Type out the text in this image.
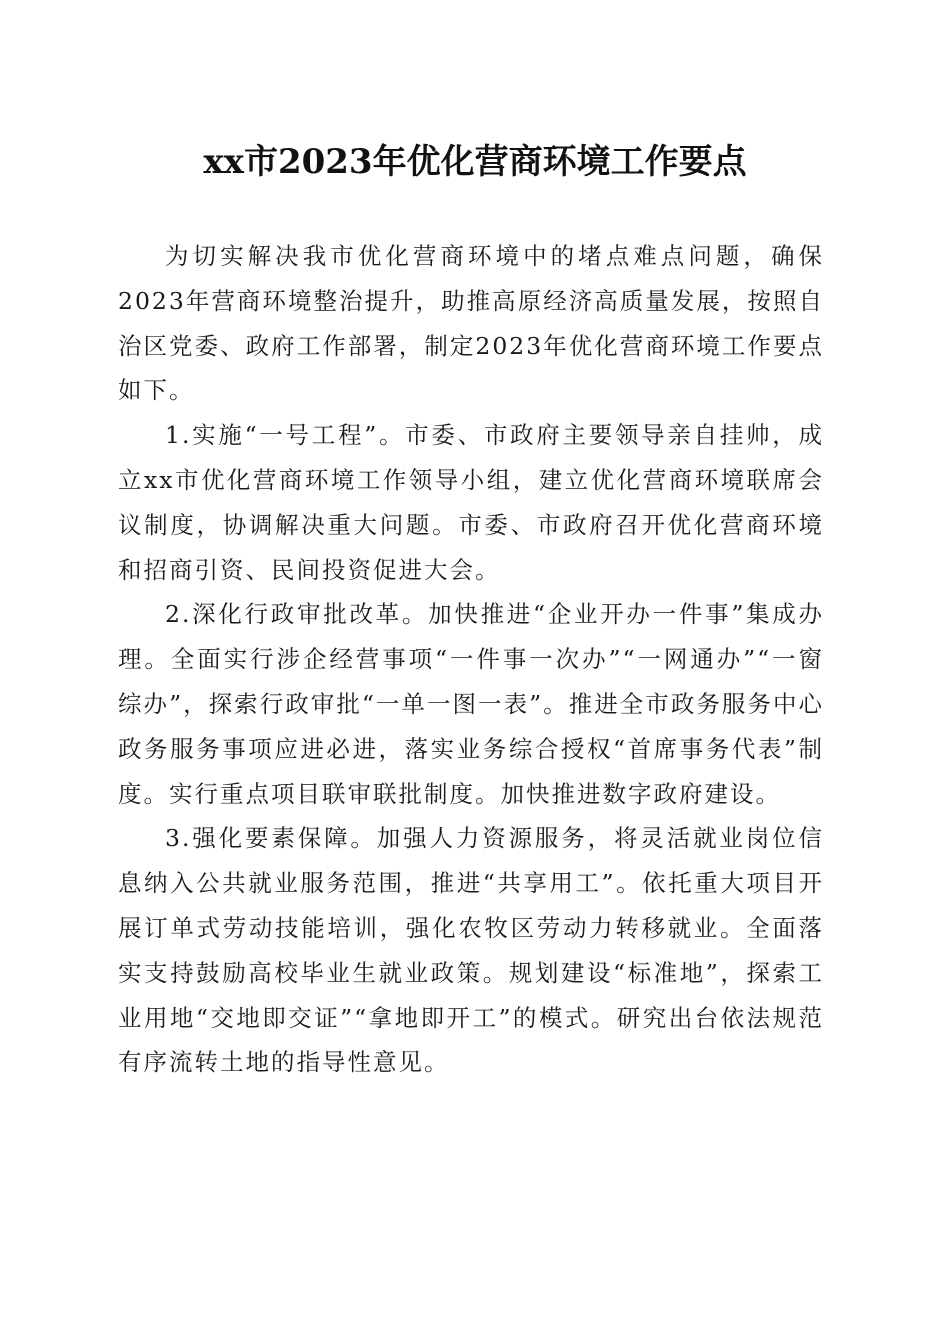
xx市2023年优化营商环境工作要点

为切实解决我市优化营商环境中的堵点难点问题，确保2023年营商环境整治提升，助推高原经济高质量发展，按照自治区党委、政府工作部署，制定2023年优化营商环境工作要点如下。

1.实施“一号工程”。市委、市政府主要领导亲自挂帅，成立xx市优化营商环境工作领导小组，建立优化营商环境联席会议制度，协调解决重大问题。市委、市政府召开优化营商环境和招商引资、民间投资促进大会。

2.深化行政审批改革。加快推进“企业开办一件事”集成办理。全面实行涉企经营事项“一件事一次办”“一网通办”“一窗综办”，探索行政审批“一单一图一表”。推进全市政务服务中心政务服务事项应进必进，落实业务综合授权“首席事务代表”制度。实行重点项目联审联批制度。加快推进数字政府建设。

3.强化要素保障。加强人力资源服务，将灵活就业岗位信息纳入公共就业服务范围，推进“共享用工”。依托重大项目开展订单式劳动技能培训，强化农牧区劳动力转移就业。全面落实支持鼓励高校毕业生就业政策。规划建设“标准地”，探索工业用地“交地即交证”“拿地即开工”的模式。研究出台依法规范有序流转土地的指导性意见。
